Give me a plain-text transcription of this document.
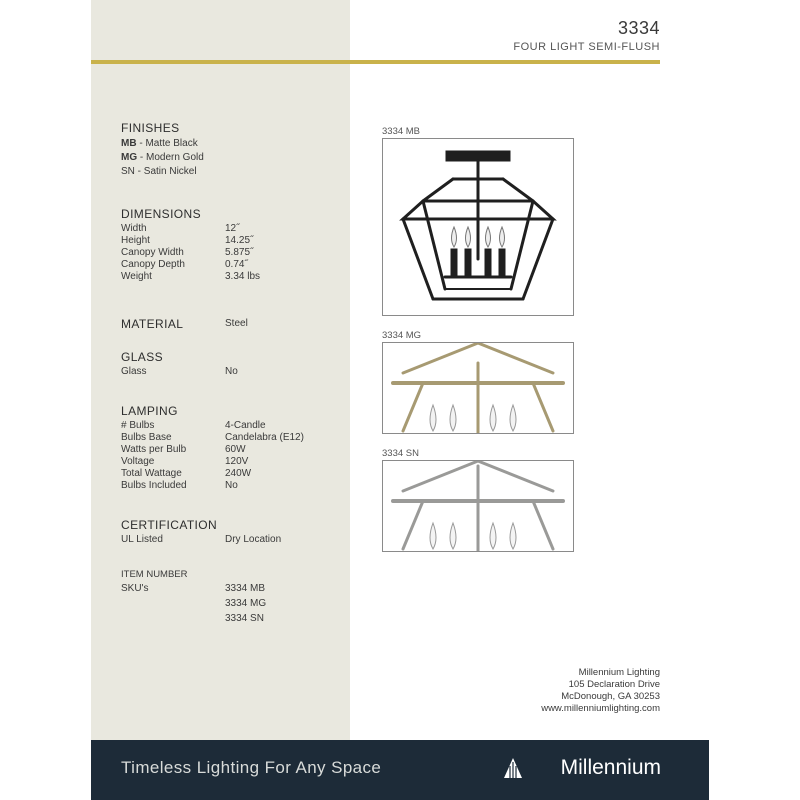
3334
FOUR LIGHT SEMI-FLUSH
FINISHES
MB - Matte Black
MG - Modern Gold
SN - Satin Nickel
DIMENSIONS
Width	12˝
Height	14.25˝
Canopy Width	5.875˝
Canopy Depth	0.74˝
Weight	3.34 lbs
MATERIAL	Steel
GLASS
Glass	No
LAMPING
# Bulbs	4-Candle
Bulbs Base	Candelabra (E12)
Watts per Bulb	60W
Voltage	120V
Total Wattage	240W
Bulbs Included	No
CERTIFICATION
UL Listed	Dry Location
ITEM NUMBER
SKU's	3334 MB
3334 MG
3334 SN
3334 MB
3334 MG
3334 SN
Millennium Lighting
105 Declaration Drive
McDonough, GA 30253
www.millenniumlighting.com
Timeless Lighting For Any Space	Millennium
